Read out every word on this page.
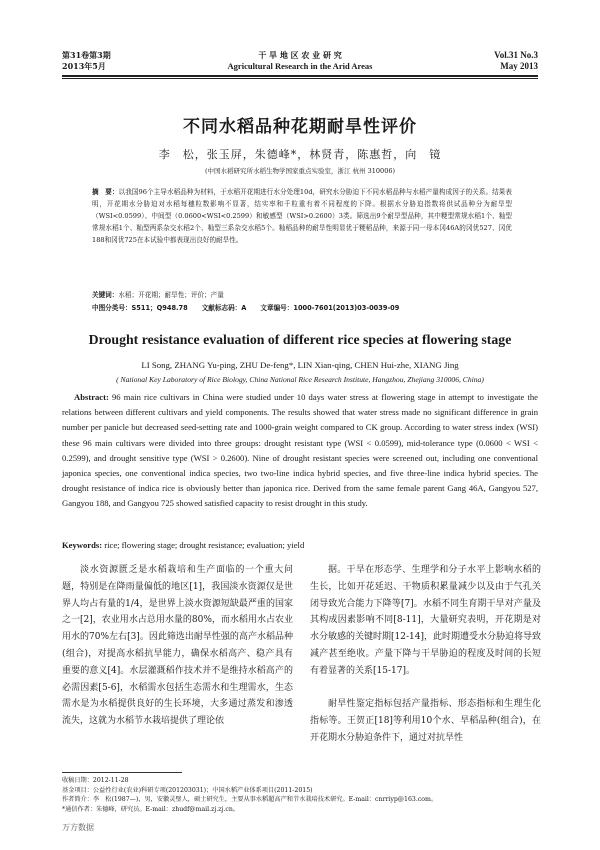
第31卷第3期
2013年5月
干 旱 地 区 农 业 研 究
Agricultural Research in the Arid Areas
Vol.31 No.3
May 2013
不同水稻品种花期耐旱性评价
李　松，张玉屏，朱德峰*，林贤青，陈惠哲，向　镜
(中国水稻研究所水稻生物学国家重点实验室，浙江 杭州 310006)
摘　要：以我国96个主导水稻品种为材料，于水稻开花期进行水分处理10d，研究水分胁迫下不同水稻品种与水稻产量构成因子的关系。结果表明，开花期水分胁迫对水稻每穗粒数影响不显著，结实率和千粒重有着不同程度的下降。根据水分胁迫指数将供试品种分为耐旱型（WSI<0.0599）、中间型（0.0600<WSI<0.2599）和敏感型（WSI>0.2600）3类。筛选出9个耐旱型品种，其中粳型常规水稻1个、籼型常规水稻1个、籼型两系杂交水稻2个、籼型三系杂交水稻5个。籼稻品种的耐旱性明显优于粳稻品种，来源于同一母本冈46A的冈优527、冈优188和冈优725在本试验中都表现出良好的耐旱性。
关键词：水稻；开花期；耐旱性；评价；产量
中图分类号：S511；Q948.78 文献标志码：A 文章编号：1000-7601(2013)03-0039-09
Drought resistance evaluation of different rice species at flowering stage
LI Song, ZHANG Yu-ping, ZHU De-feng*, LIN Xian-qing, CHEN Hui-zhe, XIANG Jing
( National Key Laboratory of Rice Biology, China National Rice Research Institute, Hangzhou, Zhejiang 310006, China)
Abstract: 96 main rice cultivars in China were studied under 10 days water stress at flowering stage in attempt to investigate the relations between different cultivars and yield components. The results showed that water stress made no significant difference in grain number per panicle but decreased seed-setting rate and 1000-grain weight compared to CK group. According to water stress index (WSI) these 96 main cultivars were divided into three groups: drought resistant type (WSI < 0.0599), mid-tolerance type (0.0600 < WSI < 0.2599), and drought sensitive type (WSI > 0.2600). Nine of drought resistant species were screened out, including one conventional japonica species, one conventional indica species, two two-line indica hybrid species, and five three-line indica hybrid species. The drought resistance of indica rice is obviously better than japonica rice. Derived from the same female parent Gang 46A, Gangyou 527, Gangyou 188, and Gangyou 725 showed satisfied capacity to resist drought in this study.
Keywords: rice; flowering stage; drought resistance; evaluation; yield

淡水资源匮乏是水稻栽培和生产面临的一个重大问题，特别是在降雨量偏低的地区[1]，我国淡水资源仅是世界人均占有量的1/4，是世界上淡水资源短缺最严重的国家之一[2]，农业用水占总用水量的80%，而水稻用水占农业用水的70%左右[3]。因此筛选出耐旱性强的高产水稻品种(组合)，对提高水稻抗旱能力，确保水稻高产、稳产具有重要的意义[4]。水层灌溉稻作技术并不是维持水稻高产的必需因素[5-6]，水稻需水包括生态需水和生理需水，生态需水是为水稻提供良好的生长环境，大多通过蒸发和渗透流失，这就为水稻节水栽培提供了理论依

据。干旱在形态学、生理学和分子水平上影响水稻的生长，比如开花延迟、干物质积累量减少以及由于气孔关闭导致光合能力下降等[7]。水稻不同生育期干旱对产量及其构成因素影响不同[8-11]，大量研究表明，开花期是对水分敏感的关键时期[12-14]，此时期遭受水分胁迫将导致减产甚至绝收。产量下降与干旱胁迫的程度及时间的长短有着显著的关系[15-17]。

耐旱性鉴定指标包括产量指标、形态指标和生理生化指标等。王贺正[18]等利用10个水、旱稻品种(组合)，在开花期水分胁迫条件下，通过对抗旱性

收稿日期：2012-11-28
基金项目：公益性行业(农业)科研专项(201203031)；中国水稻产业体系项目(2011-2015)
作者简介：李　松(1987—)，男，安徽灵璧人，硕士研究生，主要从事水稻超高产和节水栽培技术研究。E-mail：cnrriyp@163.com。
*通信作者：朱德峰，研究员。E-mail：zhudf@mail.zj.zj.cn。
万方数据
